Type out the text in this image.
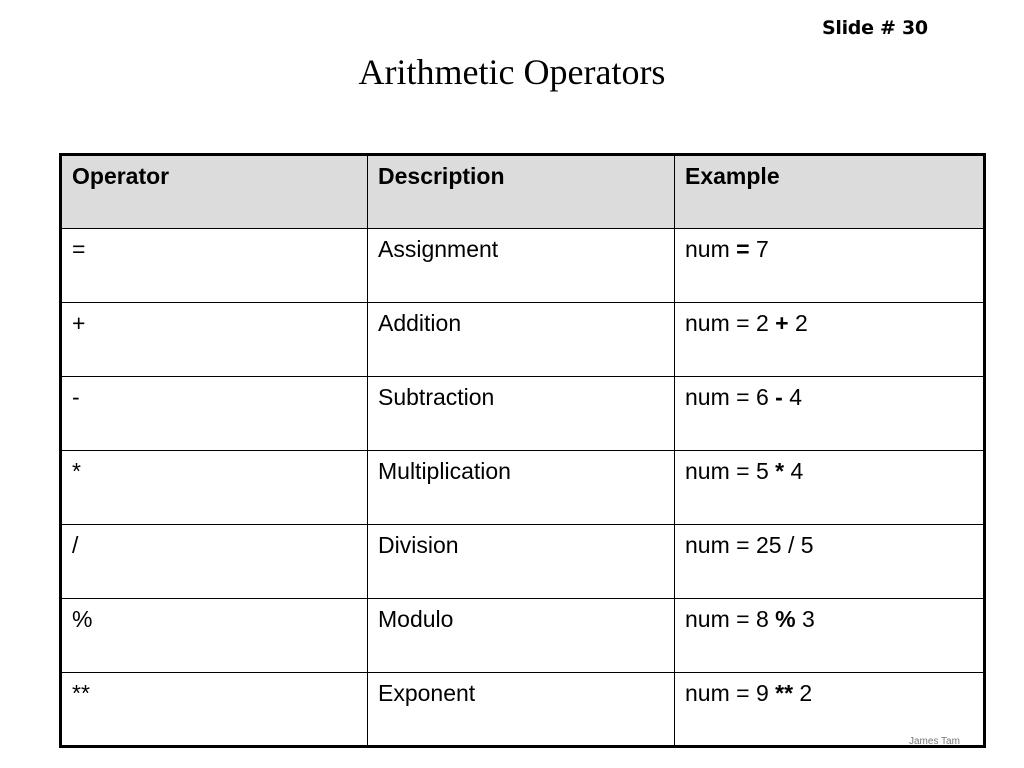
Slide # 30
Arithmetic Operators
Operator	Description	Example
=	Assignment	num = 7
+	Addition	num = 2 + 2
-	Subtraction	num = 6 - 4
*	Multiplication	num = 5 * 4
/	Division	num = 25 / 5
%	Modulo	num = 8 % 3
**	Exponent	num = 9 ** 2
James Tam
